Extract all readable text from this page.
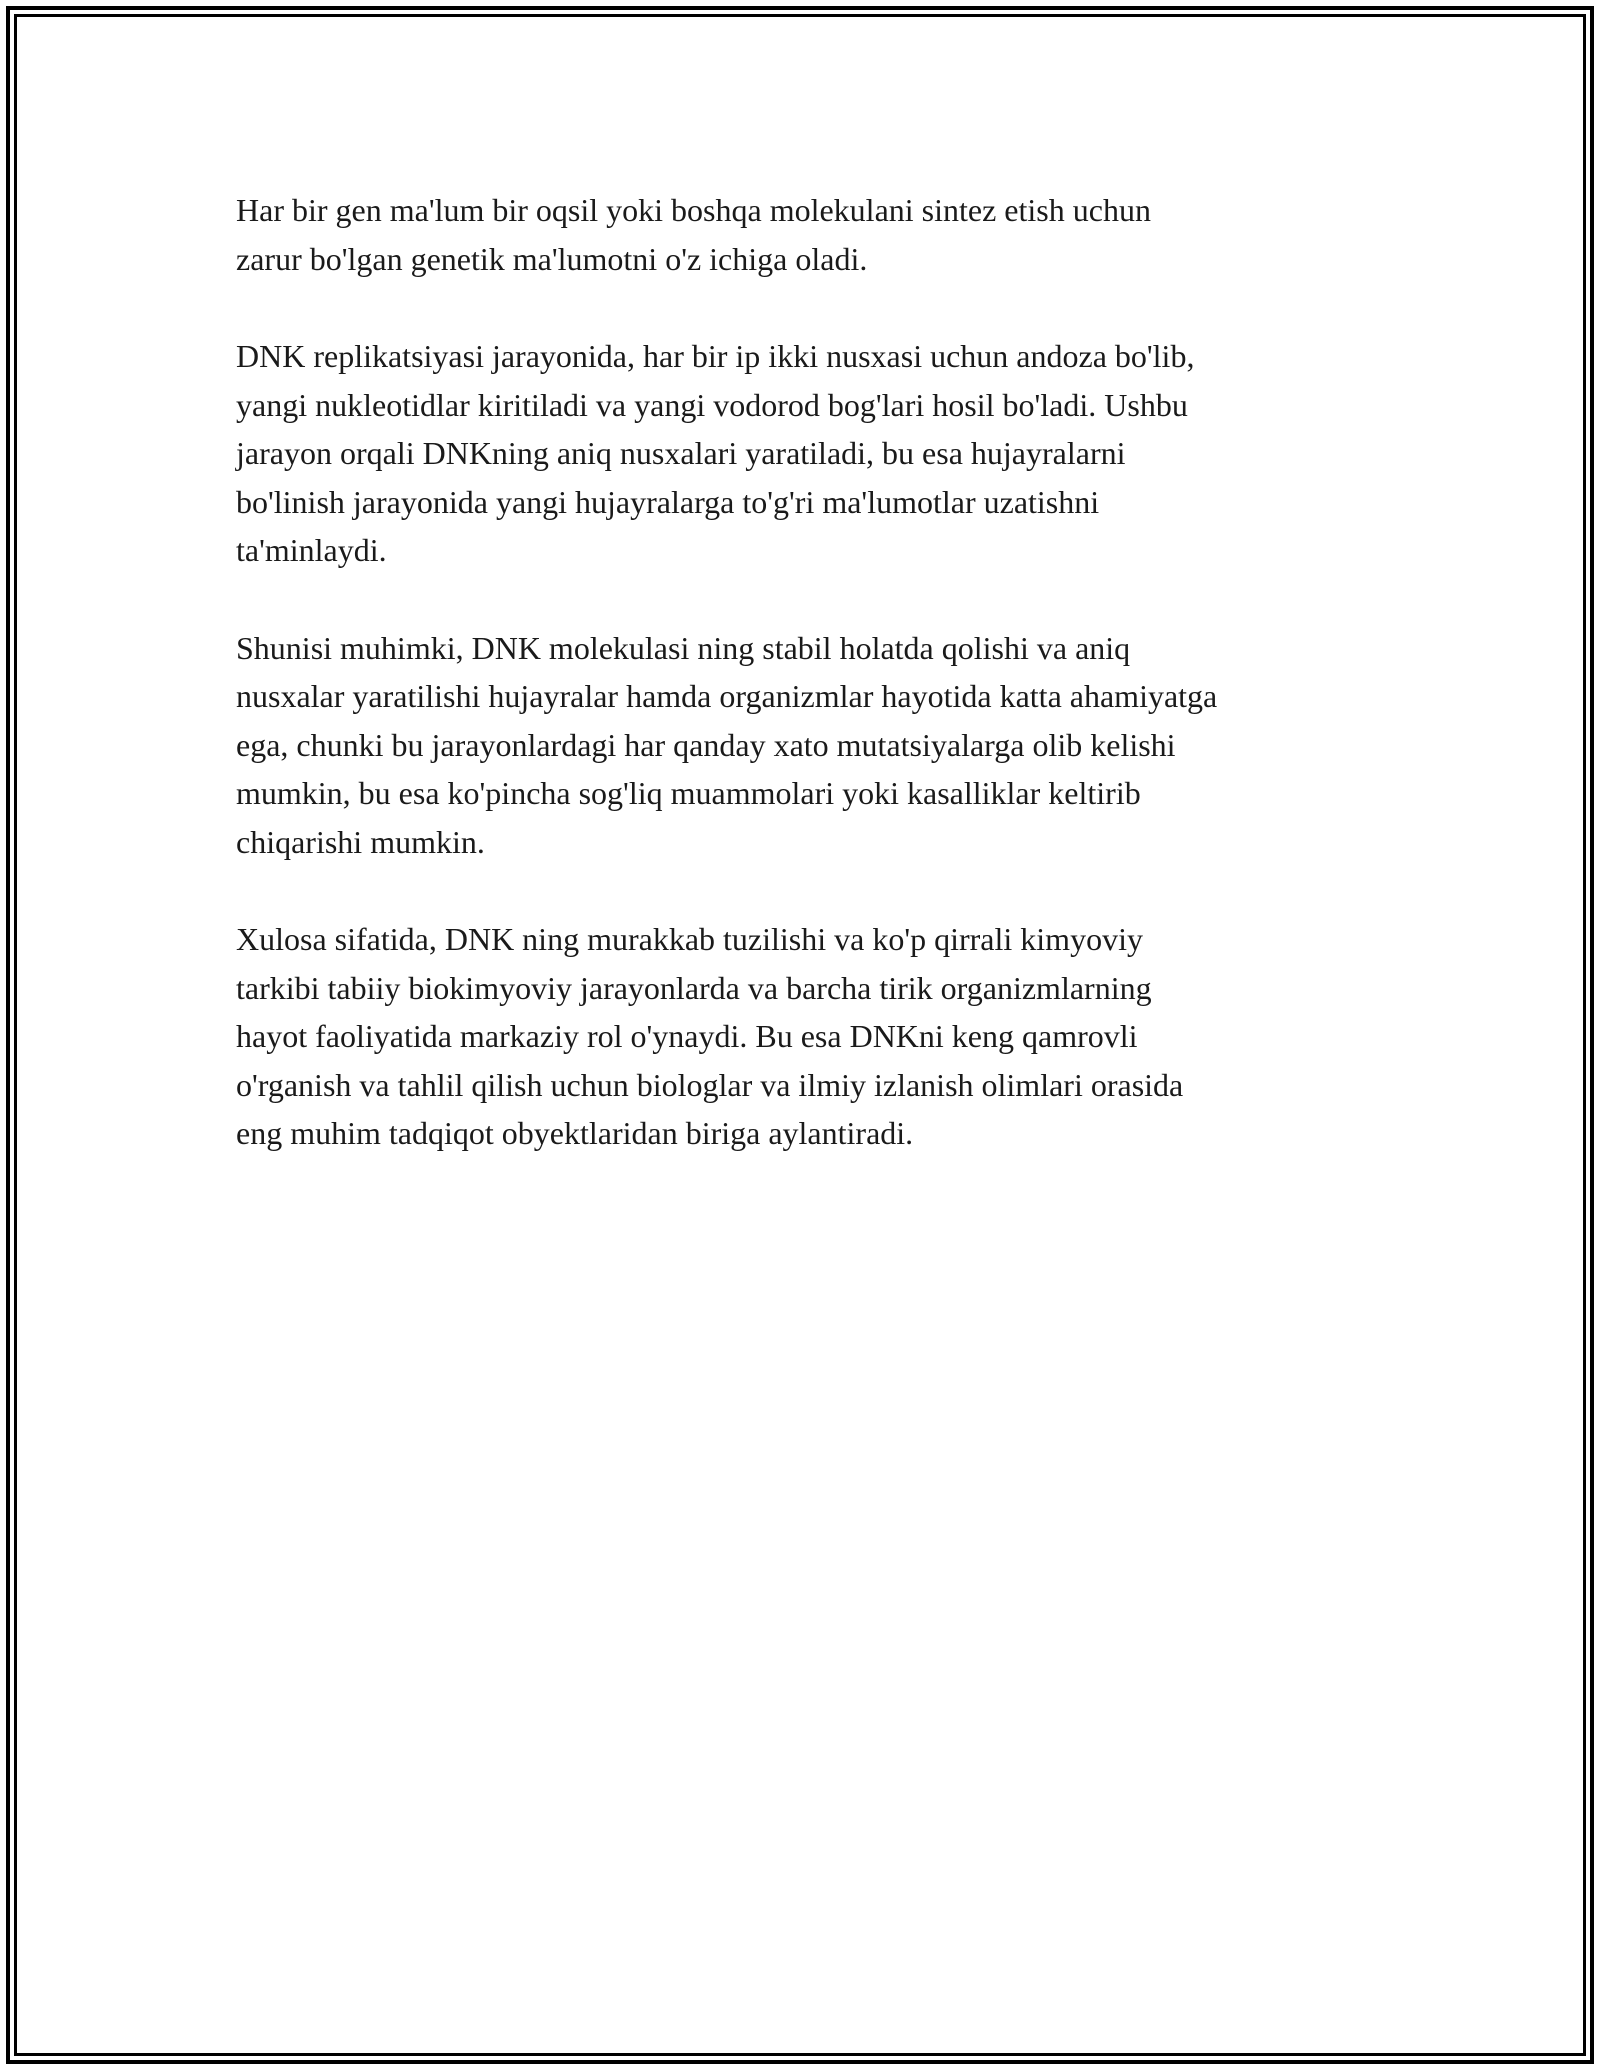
Har bir gen ma'lum bir oqsil yoki boshqa molekulani sintez etish uchun
zarur bo'lgan genetik ma'lumotni o'z ichiga oladi.

DNK replikatsiyasi jarayonida, har bir ip ikki nusxasi uchun andoza bo'lib,
yangi nukleotidlar kiritiladi va yangi vodorod bog'lari hosil bo'ladi. Ushbu
jarayon orqali DNKning aniq nusxalari yaratiladi, bu esa hujayralarni
bo'linish jarayonida yangi hujayralarga to'g'ri ma'lumotlar uzatishni
ta'minlaydi.

Shunisi muhimki, DNK molekulasi ning stabil holatda qolishi va aniq
nusxalar yaratilishi hujayralar hamda organizmlar hayotida katta ahamiyatga
ega, chunki bu jarayonlardagi har qanday xato mutatsiyalarga olib kelishi
mumkin, bu esa ko'pincha sog'liq muammolari yoki kasalliklar keltirib
chiqarishi mumkin.

Xulosa sifatida, DNK ning murakkab tuzilishi va ko'p qirrali kimyoviy
tarkibi tabiiy biokimyoviy jarayonlarda va barcha tirik organizmlarning
hayot faoliyatida markaziy rol o'ynaydi. Bu esa DNKni keng qamrovli
o'rganish va tahlil qilish uchun biologlar va ilmiy izlanish olimlari orasida
eng muhim tadqiqot obyektlaridan biriga aylantiradi.
